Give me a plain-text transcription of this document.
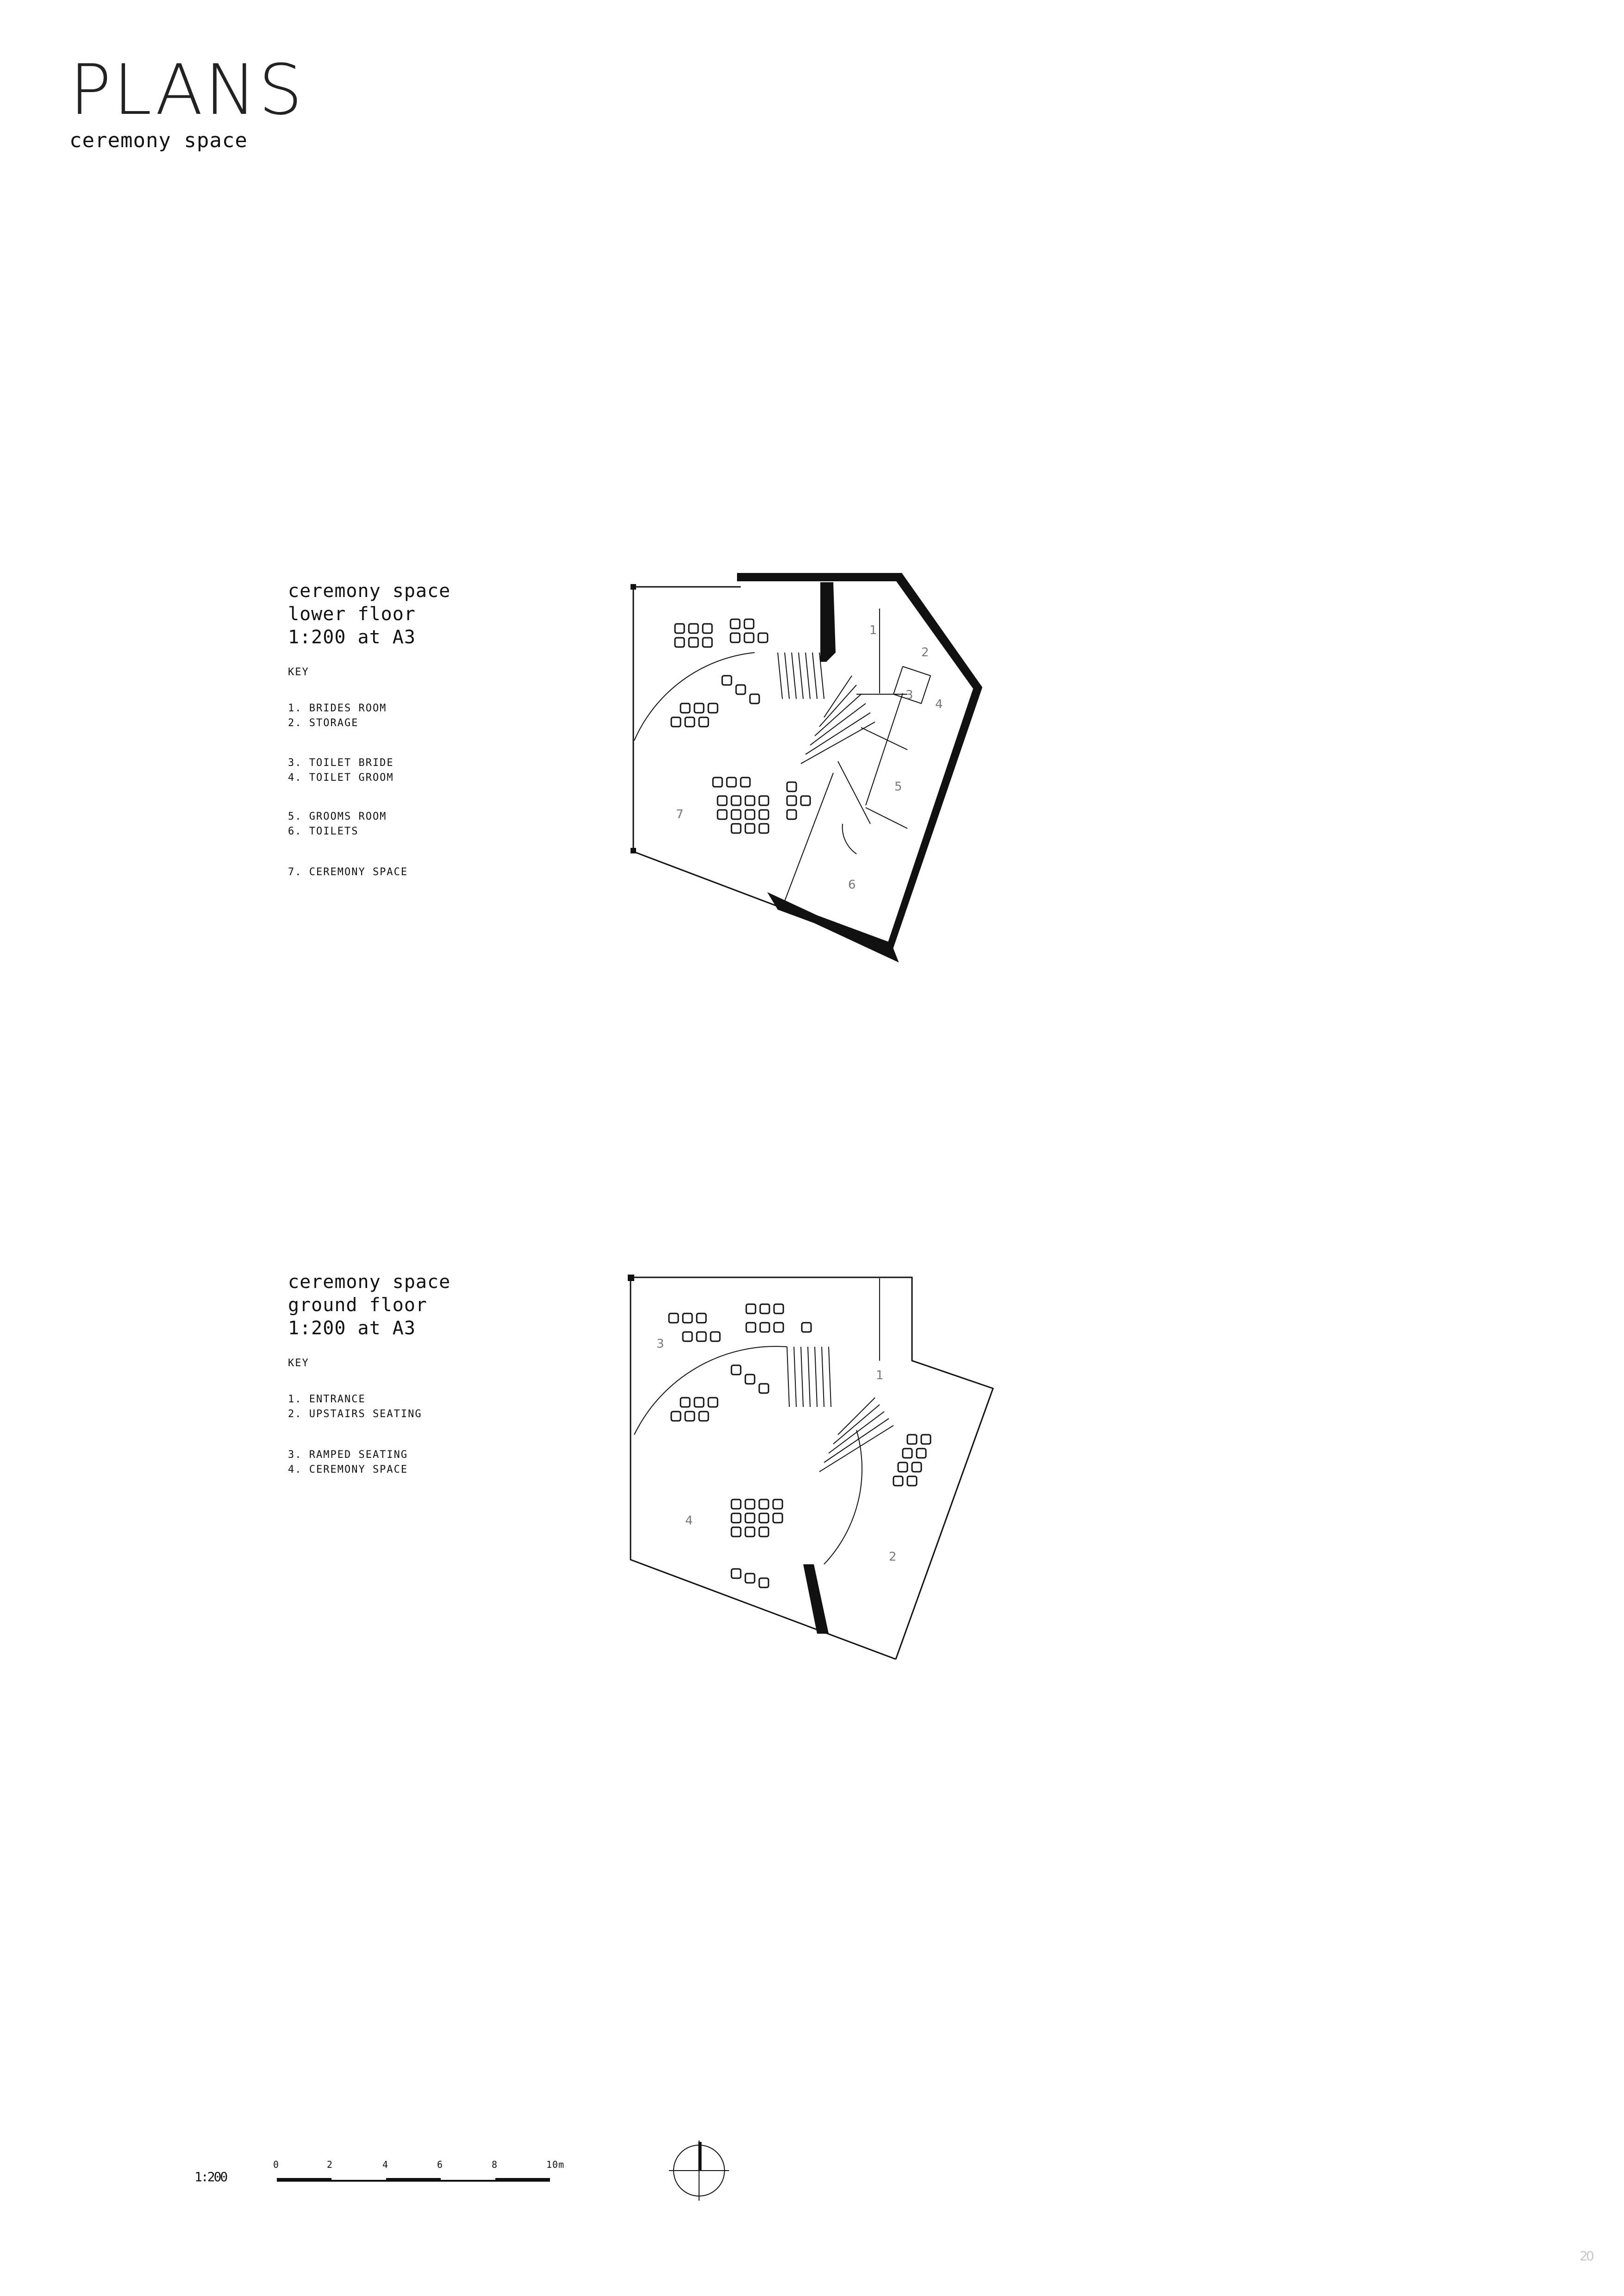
PLANS
ceremony space
ceremony space
lower floor
1:200 at A3
KEY
1. BRIDES ROOM
2. STORAGE
3. TOILET BRIDE
4. TOILET GROOM
5. GROOMS ROOM
6. TOILETS
7. CEREMONY SPACE
ceremony space
ground floor
1:200 at A3
KEY
1. ENTRANCE
2. UPSTAIRS SEATING
3. RAMPED SEATING
4. CEREMONY SPACE
1
2
3
4
5
6
7
1
2
3
4
1:200
0	2	4	6	8	10m
20
